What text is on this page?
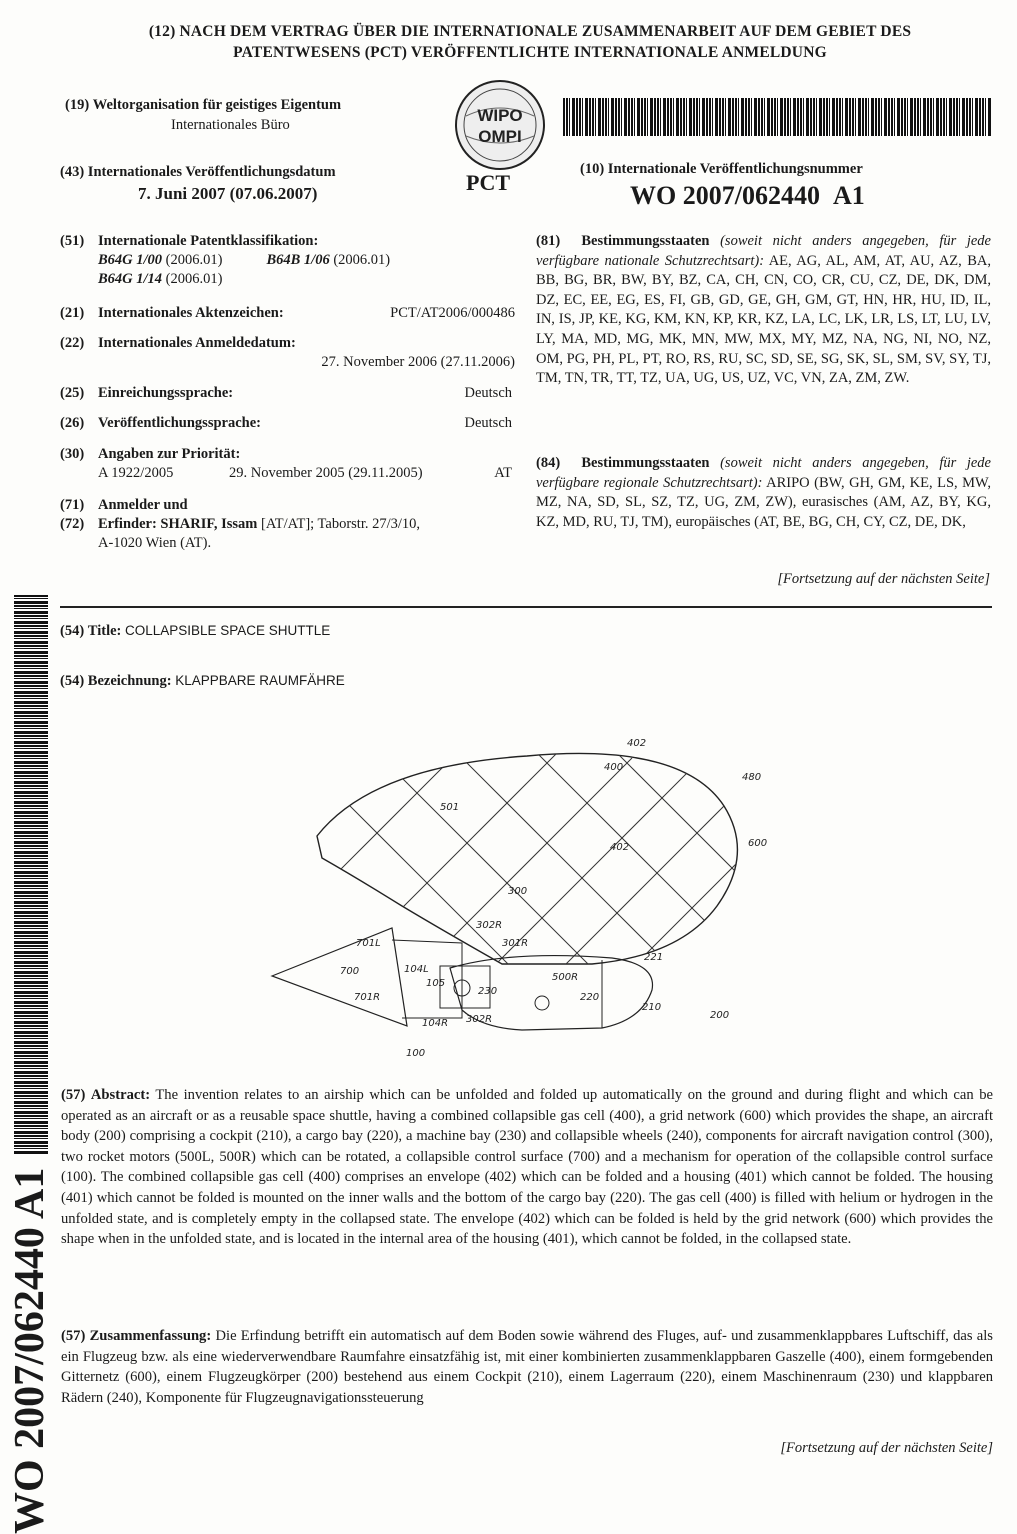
(12) NACH DEM VERTRAG ÜBER DIE INTERNATIONALE ZUSAMMENARBEIT AUF DEM GEBIET DES
PATENTWESENS (PCT) VERÖFFENTLICHTE INTERNATIONALE ANMELDUNG
(19) Weltorganisation für geistiges Eigentum
Internationales Büro	WIPO
OMPI
PCT
(43) Internationales Veröffentlichungsdatum
7. Juni 2007 (07.06.2007)
(10) Internationale Veröffentlichungsnummer
WO 2007/062440 A1
(51) Internationale Patentklassifikation:
B64G 1/00 (2006.01)	B64B 1/06 (2006.01)
B64G 1/14 (2006.01)
(21) Internationales Aktenzeichen:	PCT/AT2006/000486
(22) Internationales Anmeldedatum:
27. November 2006 (27.11.2006)
(25) Einreichungssprache:	Deutsch
(26) Veröffentlichungssprache:	Deutsch
(30) Angaben zur Priorität:
A 1922/2005	29. November 2005 (29.11.2005)	AT
(71) Anmelder und
(72) Erfinder: SHARIF, Issam [AT/AT]; Taborstr. 27/3/10,
A-1020 Wien (AT).
(81) Bestimmungsstaaten (soweit nicht anders angegeben, für jede verfügbare nationale Schutzrechtsart): AE, AG, AL, AM, AT, AU, AZ, BA, BB, BG, BR, BW, BY, BZ, CA, CH, CN, CO, CR, CU, CZ, DE, DK, DM, DZ, EC, EE, EG, ES, FI, GB, GD, GE, GH, GM, GT, HN, HR, HU, ID, IL, IN, IS, JP, KE, KG, KM, KN, KP, KR, KZ, LA, LC, LK, LR, LS, LT, LU, LV, LY, MA, MD, MG, MK, MN, MW, MX, MY, MZ, NA, NG, NI, NO, NZ, OM, PG, PH, PL, PT, RO, RS, RU, SC, SD, SE, SG, SK, SL, SM, SV, SY, TJ, TM, TN, TR, TT, TZ, UA, UG, US, UZ, VC, VN, ZA, ZM, ZW.
(84) Bestimmungsstaaten (soweit nicht anders angegeben, für jede verfügbare regionale Schutzrechtsart): ARIPO (BW, GH, GM, KE, LS, MW, MZ, NA, SD, SL, SZ, TZ, UG, ZM, ZW), eurasisches (AM, AZ, BY, KG, KZ, MD, RU, TJ, TM), europäisches (AT, BE, BG, CH, CY, CZ, DE, DK,
[Fortsetzung auf der nächsten Seite]
WO 2007/062440 A1
(54) Title: COLLAPSIBLE SPACE SHUTTLE
(54) Bezeichnung: KLAPPBARE RAUMFÄHRE
402
400
480
501
600
402
300
302R
301R
701L
700
701R
104L
105
230
500R
220
221
210
200
104R 302R
100
(57) Abstract: The invention relates to an airship which can be unfolded and folded up automatically on the ground and during flight and which can be operated as an aircraft or as a reusable space shuttle, having a combined collapsible gas cell (400), a grid network (600) which provides the shape, an aircraft body (200) comprising a cockpit (210), a cargo bay (220), a machine bay (230) and collapsible wheels (240), components for aircraft navigation control (300), two rocket motors (500L, 500R) which can be rotated, a collapsible control surface (700) and a mechanism for operation of the collapsible control surface (100). The combined collapsible gas cell (400) comprises an envelope (402) which can be folded and a housing (401) which cannot be folded. The housing (401) which cannot be folded is mounted on the inner walls and the bottom of the cargo bay (220). The gas cell (400) is filled with helium or hydrogen in the unfolded state, and is completely empty in the collapsed state. The envelope (402) which can be folded is held by the grid network (600) which provides the shape when in the unfolded state, and is located in the internal area of the housing (401), which cannot be folded, in the collapsed state.
(57) Zusammenfassung: Die Erfindung betrifft ein automatisch auf dem Boden sowie während des Fluges, auf- und zusammenklappbares Luftschiff, das als ein Flugzeug bzw. als eine wiederverwendbare Raumfahre einsatzfähig ist, mit einer kombinierten zusammenklappbaren Gaszelle (400), einem formgebenden Gitternetz (600), einem Flugzeugkörper (200) bestehend aus einem Cockpit (210), einem Lagerraum (220), einem Maschinenraum (230) und klappbaren Rädern (240), Komponente für Flugzeugnavigationssteuerung
[Fortsetzung auf der nächsten Seite]
